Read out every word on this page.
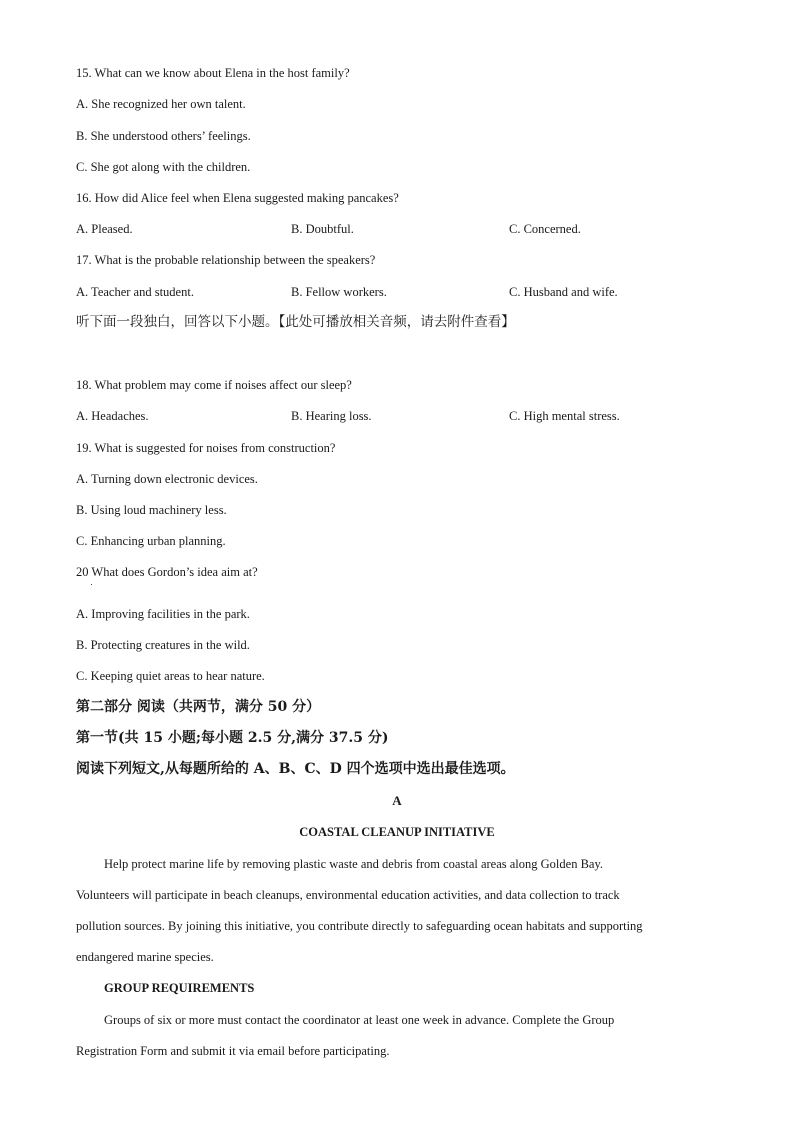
15. What can we know about Elena in the host family?
A. She recognized her own talent.
B. She understood others’ feelings.
C. She got along with the children.
16. How did Alice feel when Elena suggested making pancakes?
A. Pleased.	B. Doubtful.	C. Concerned.
17. What is the probable relationship between the speakers?
A. Teacher and student.	B. Fellow workers.	C. Husband and wife.
听下面一段独白，回答以下小题。【此处可播放相关音频，请去附件查看】
18. What problem may come if noises affect our sleep?
A. Headaches.	B. Hearing loss.	C. High mental stress.
19. What is suggested for noises from construction?
A. Turning down electronic devices.
B. Using loud machinery less.
C. Enhancing urban planning.
20 What does Gordon’s idea aim at?
A. Improving facilities in the park.
B. Protecting creatures in the wild.
C. Keeping quiet areas to hear nature.
第二部分 阅读（共两节，满分 50 分）
第一节(共 15 小题;每小题 2.5 分,满分 37.5 分)
阅读下列短文,从每题所给的 A、B、C、D 四个选项中选出最佳选项。
A
COASTAL CLEANUP INITIATIVE
Help protect marine life by removing plastic waste and debris from coastal areas along Golden Bay.
Volunteers will participate in beach cleanups, environmental education activities, and data collection to track
pollution sources. By joining this initiative, you contribute directly to safeguarding ocean habitats and supporting
endangered marine species.
GROUP REQUIREMENTS
Groups of six or more must contact the coordinator at least one week in advance. Complete the Group
Registration Form and submit it via email before participating.
